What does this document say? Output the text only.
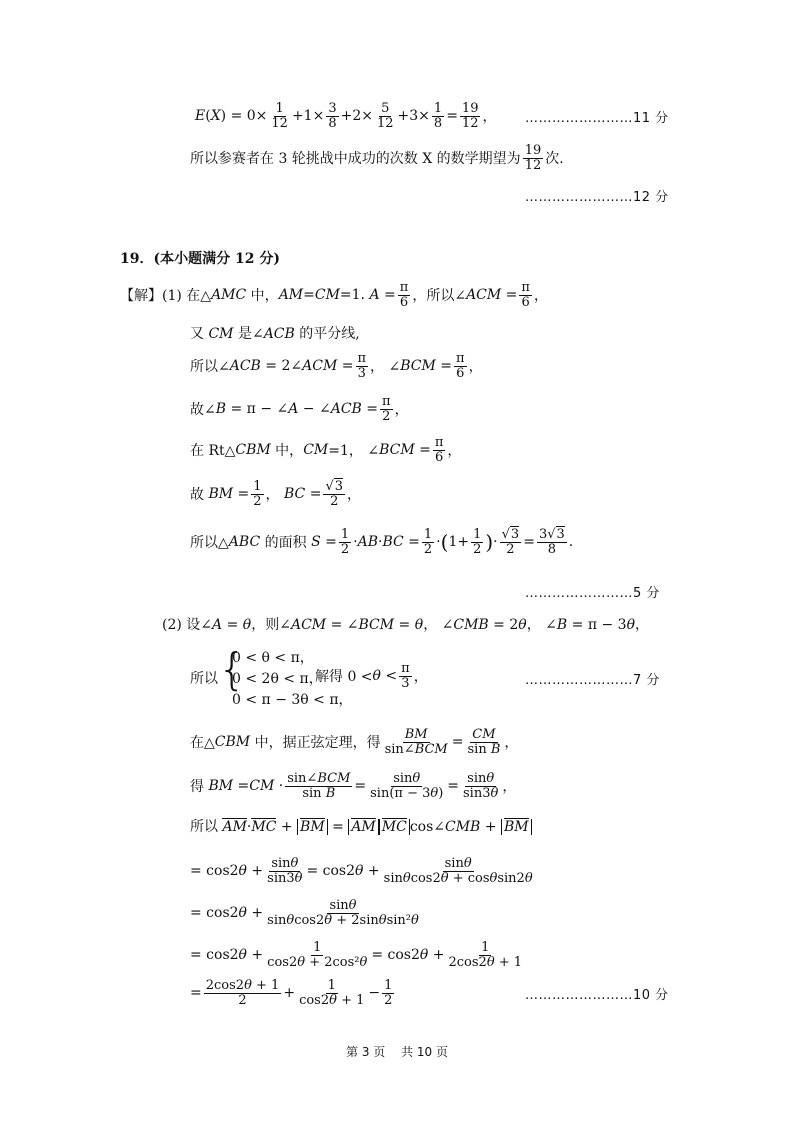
E ( X ) = $0\times \frac{1}{12} +1\times \frac{3}{8} +2\times \frac{5}{12} +3\times \frac{1}{8} = \frac{19}{12}$ ， ……………………11 分
所以参赛者在 3 轮挑战中成功的次数 X 的数学期望为 $\frac{19}{12}$ 次.
……………………12 分
19．(本小题满分 12 分)
【解】 (1) 在△ AMC 中， AM = CM =1. $A = \frac{\pi}{6}$ ，所以∠ ACM = $\frac{\pi}{6}$ ，
又 CM 是∠ACB 的平分线,
所以∠ ACB = 2∠ ACM = $\frac{\pi}{3}$ ， ∠ BCM = $\frac{\pi}{6}$ ，
故∠ B = π − ∠ A − ∠ ACB = $\frac{\pi}{2}$ ，
在 Rt△ CBM 中， CM =1， ∠ BCM = $\frac{\pi}{6}$ ，
故 BM = $\frac{1}{2}$ ， BC = $\frac{√3}{2}$ ，
所以△ ABC 的面积 $S = \frac{1}{2}$ · AB · BC = $\frac{1}{2}$ · ( $1+ \frac{1}{2}$ ) · $\frac{√3}{2} = \frac{3√3}{8}$ .
……………………5 分
(2) 设∠A = θ，则∠ACM = ∠BCM = θ， ∠CMB = 2θ， ∠B = π − 3θ，
所以 {
0 < θ < π，
0 < 2θ < π，
0 < π − 3θ < π，
解得 $0 < \theta < \frac{\pi}{3}$ ，	……………………7 分
在△ CBM 中，据正弦定理，得 $\frac{BM}{\text{sin∠BCM}} = \frac{CM}{\text{sin B}}$ ，
得 BM = CM · $\frac{\text{sin∠BCM}}{\text{sin B}} = \frac{\sin\theta}{\sin(\pi - 3\theta)} = \frac{\sin\theta}{\sin 3\theta}$ ，
所以 AM·MC + BM = AM MC cos∠CMB + BM
= cos2 $\theta + \frac{\sin\theta}{\sin 3\theta} = \cos 2$ $\theta + \frac{\sin\theta}{\sin\theta\cos 2\theta + \cos\theta\sin 2\theta}$
= cos2 $\theta + \frac{\sin\theta}{\text{sinθcos2θ + 2sinθsin²θ}}$
= cos2 $\theta + \frac{1}{\text{cos2θ + 2cos²θ}} = \cos 2$ $\theta + \frac{1}{2\cos 2\theta + 1}$
= $\frac{2\cos 2\theta + 1}{2} + \frac{1}{\cos 2\theta + 1} - \frac{1}{2}$	……………………10 分
第 3 页　 共 10 页
